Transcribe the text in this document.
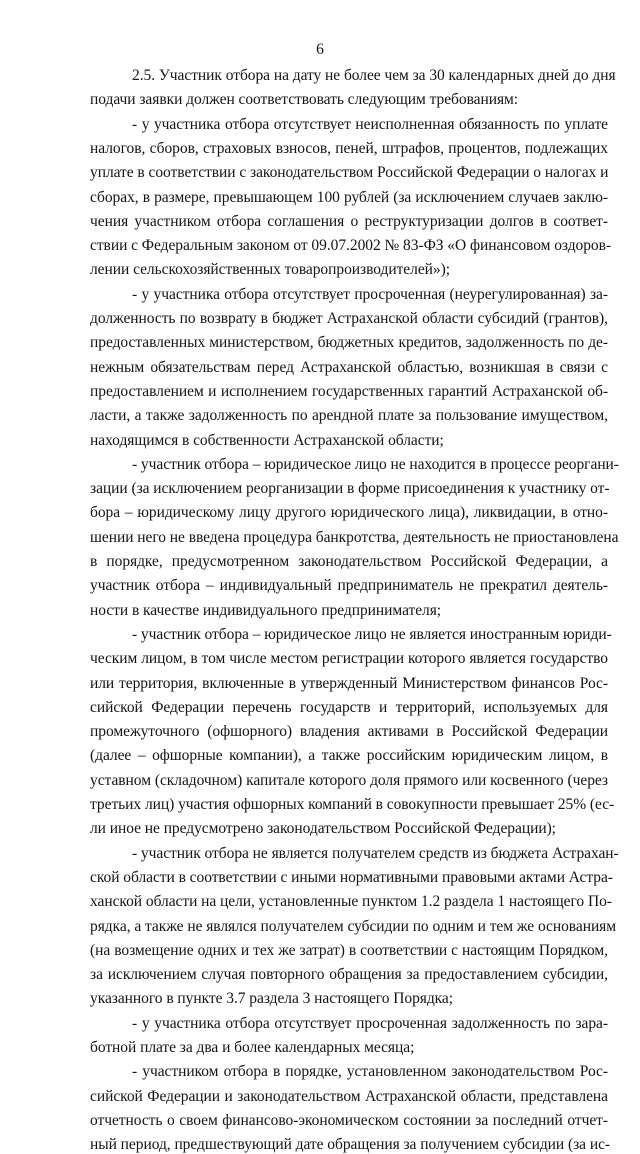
6
2.5. Участник отбора на дату не более чем за 30 календарных дней до дня
подачи заявки должен соответствовать следующим требованиям:
- у участника отбора отсутствует неисполненная обязанность по уплате
налогов, сборов, страховых взносов, пеней, штрафов, процентов, подлежащих
уплате в соответствии с законодательством Российской Федерации о налогах и
сборах, в размере, превышающем 100 рублей (за исключением случаев заклю-
чения участником отбора соглашения о реструктуризации долгов в соответ-
ствии с Федеральным законом от 09.07.2002 № 83-ФЗ «О финансовом оздоров-
лении сельскохозяйственных товаропроизводителей»);
- у участника отбора отсутствует просроченная (неурегулированная) за-
долженность по возврату в бюджет Астраханской области субсидий (грантов),
предоставленных министерством, бюджетных кредитов, задолженность по де-
нежным обязательствам перед Астраханской областью, возникшая в связи с
предоставлением и исполнением государственных гарантий Астраханской об-
ласти, а также задолженность по арендной плате за пользование имуществом,
находящимся в собственности Астраханской области;
- участник отбора – юридическое лицо не находится в процессе реоргани-
зации (за исключением реорганизации в форме присоединения к участнику от-
бора – юридическому лицу другого юридического лица), ликвидации, в отно-
шении него не введена процедура банкротства, деятельность не приостановлена
в порядке, предусмотренном законодательством Российской Федерации, а
участник отбора – индивидуальный предприниматель не прекратил деятель-
ности в качестве индивидуального предпринимателя;
- участник отбора – юридическое лицо не является иностранным юриди-
ческим лицом, в том числе местом регистрации которого является государство
или территория, включенные в утвержденный Министерством финансов Рос-
сийской Федерации перечень государств и территорий, используемых для
промежуточного (офшорного) владения активами в Российской Федерации
(далее – офшорные компании), а также российским юридическим лицом, в
уставном (складочном) капитале которого доля прямого или косвенного (через
третьих лиц) участия офшорных компаний в совокупности превышает 25% (ес-
ли иное не предусмотрено законодательством Российской Федерации);
- участник отбора не является получателем средств из бюджета Астрахан-
ской области в соответствии с иными нормативными правовыми актами Астра-
ханской области на цели, установленные пунктом 1.2 раздела 1 настоящего По-
рядка, а также не являлся получателем субсидии по одним и тем же основаниям
(на возмещение одних и тех же затрат) в соответствии с настоящим Порядком,
за исключением случая повторного обращения за предоставлением субсидии,
указанного в пункте 3.7 раздела 3 настоящего Порядка;
- у участника отбора отсутствует просроченная задолженность по зара-
ботной плате за два и более календарных месяца;
- участником отбора в порядке, установленном законодательством Рос-
сийской Федерации и законодательством Астраханской области, представлена
отчетность о своем финансово-экономическом состоянии за последний отчет-
ный период, предшествующий дате обращения за получением субсидии (за ис-
